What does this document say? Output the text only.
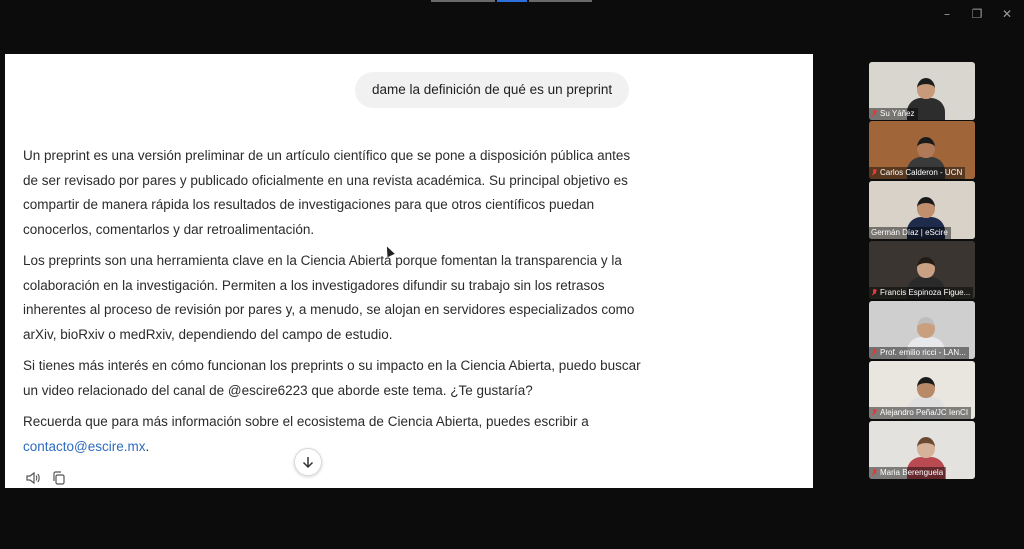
–	❐	✕
dame la definición de qué es un preprint

Un preprint es una versión preliminar de un artículo científico que se pone a disposición pública antes de ser revisado por pares y publicado oficialmente en una revista académica. Su principal objetivo es compartir de manera rápida los resultados de investigaciones para que otros científicos puedan conocerlos, comentarlos y dar retroalimentación.

Los preprints son una herramienta clave en la Ciencia Abierta porque fomentan la transparencia y la colaboración en la investigación. Permiten a los investigadores difundir su trabajo sin los retrasos inherentes al proceso de revisión por pares y, a menudo, se alojan en servidores especializados como arXiv, bioRxiv o medRxiv, dependiendo del campo de estudio.

Si tienes más interés en cómo funcionan los preprints o su impacto en la Ciencia Abierta, puedo buscar un video relacionado del canal de @escire6223 que aborde este tema. ¿Te gustaría?

Recuerda que para más información sobre el ecosistema de Ciencia Abierta, puedes escribir a contacto@escire.mx.

Su Yáñez
Carlos Calderon - UCN
Germán Díaz | eScire
Francis Espinoza Figue...
Prof. emilio ricci - LAN...
Alejandro Peña/JC IenCI
Maria Berenguela
